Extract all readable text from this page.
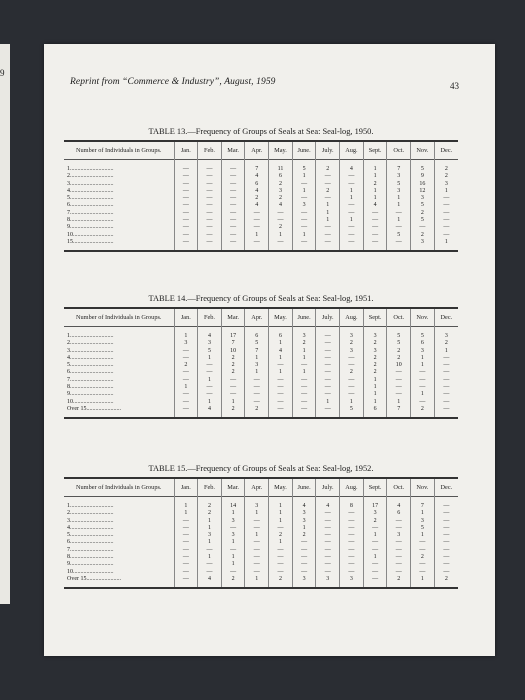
9
Reprint from “Commerce & Industry”, August, 1959	43
TABLE 13.—Frequency of Groups of Seals at Sea: Seal-log, 1950.
Number of Individuals in Groups.	Jan.	Feb.	Mar.	Apr.	May.	June.	July.	Aug.	Sept.	Oct.	Nov.	Dec.
1.............................	—	—	—	7	11	5	2	4	1	7	5	2
2.............................	—	—	—	4	6	1	—	—	1	3	9	2
3.............................	—	—	—	6	2	—	—	—	2	5	16	3
4.............................	—	—	—	4	3	1	2	1	1	3	12	1
5.............................	—	—	—	2	2	—	—	1	1	1	3	—
6.............................	—	—	—	4	4	3	1	—	4	1	5	—
7.............................	—	—	—	—	—	—	1	—	—	—	2	—
8.............................	—	—	—	—	—	—	1	1	—	1	5	—
9.............................	—	—	—	—	2	—	—	—	—	—	—	—
10...........................	—	—	—	1	1	1	—	—	—	5	2	—
15...........................	—	—	—	—	—	—	—	—	—	—	3	1
TABLE 14.—Frequency of Groups of Seals at Sea: Seal-log, 1951.
Number of Individuals in Groups.	Jan.	Feb.	Mar.	Apr.	May.	June.	July.	Aug.	Sept.	Oct.	Nov.	Dec.
1.............................	1	4	17	6	6	3	—	3	3	5	5	3
2.............................	3	3	7	5	1	2	—	2	2	5	6	2
3.............................	—	5	10	7	4	1	—	3	3	2	3	1
4.............................	—	1	2	1	1	1	—	—	2	2	1	—
5.............................	2	—	2	3	—	—	—	—	2	10	1	—
6.............................	—	—	2	1	1	1	—	2	2	—	—	—
7.............................	—	1	—	—	—	—	—	—	1	—	—	—
8.............................	1	—	—	—	—	—	—	—	1	—	—	—
9.............................	—	—	—	—	—	—	—	—	1	—	1	—
10...........................	—	1	1	—	—	—	1	1	1	1	—	—
Over 15.......................	—	4	2	2	—	—	—	5	6	7	2	—
TABLE 15.—Frequency of Groups of Seals at Sea: Seal-log, 1952.
Number of Individuals in Groups.	Jan.	Feb.	Mar.	Apr.	May.	June.	July.	Aug.	Sept.	Oct.	Nov.	Dec.
1.............................	1	2	14	3	1	4	4	8	17	4	7	—
2.............................	1	2	1	1	1	3	—	—	3	6	1	—
3.............................	—	1	3	—	1	3	—	—	2	—	3	—
4.............................	—	1	—	—	—	1	—	—	—	—	5	—
5.............................	—	3	3	1	2	2	—	—	1	3	1	—
6.............................	—	1	1	—	1	—	—	—	—	—	—	—
7.............................	—	—	—	—	—	—	—	—	—	—	—	—
8.............................	—	1	1	—	—	—	—	—	1	—	2	—
9.............................	—	—	1	—	—	—	—	—	—	—	—	—
10...........................	—	—	—	—	—	—	—	—	—	—	—	—
Over 15.......................	—	4	2	1	2	3	3	3	—	2	1	2
